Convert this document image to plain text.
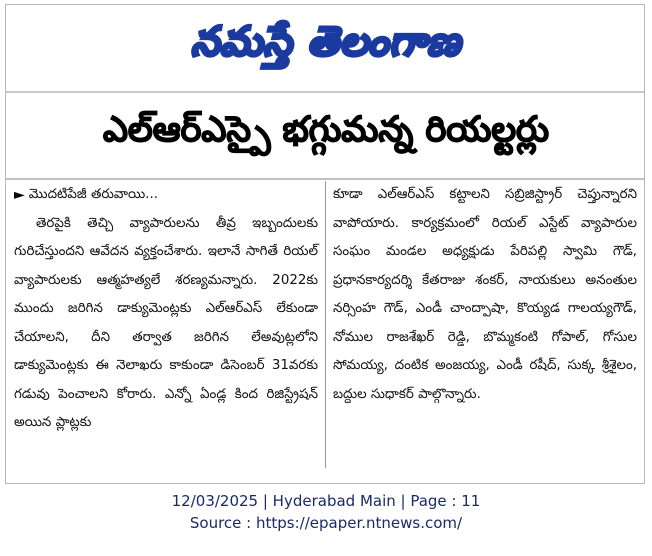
నమస్తే తెలంగాణ
ఎల్ఆర్ఎస్పై భగ్గుమన్న రియల్టర్లు
► మొదటిపేజీ తరువాయి...

తెరపైకి తెచ్చి వ్యాపారులను తీవ్ర ఇబ్బందులకు గురిచేస్తుందని ఆవేదన వ్యక్తంచేశారు. ఇలానే సాగితే రియల్ వ్యాపారులకు ఆత్మహత్యలే శరణ్యమన్నారు. 2022కు ముందు జరిగిన డాక్యుమెంట్లకు ఎల్ఆర్ఎస్ లేకుండా చేయాలని, దీని తర్వాత జరిగిన లేఅవుట్లలోని డాక్యుమెంట్లకు ఈ నెలాఖరు కాకుండా డిసెంబర్ 31వరకు గడువు పెంచాలని కోరారు. ఎన్నో ఏండ్ల కింద రిజిస్ట్రేషన్ అయిన ప్లాట్లకు

కూడా ఎల్ఆర్ఎస్ కట్టాలని సబ్రిజిస్ట్రార్ చెప్తున్నారని వాపోయారు. కార్యక్రమంలో రియల్ ఎస్టేట్ వ్యాపారుల సంఘం మండల అధ్యక్షుడు పేరిపల్లి స్వామి గౌడ్, ప్రధానకార్యదర్శి కేతరాజు శంకర్, నాయకులు అనంతుల నర్సింహ గౌడ్, ఎండీ చాంద్పాషా, కొయ్యడ గాలయ్యగౌడ్, నోముల రాజశేఖర్ రెడ్డి, బొమ్మకంటి గోపాల్, గోసుల సోమయ్య, దంటిక అంజయ్య, ఎండీ రషీద్, సుక్క శ్రీశైలం, బద్దుల సుధాకర్ పాల్గొన్నారు.

12/03/2025 | Hyderabad Main | Page : 11
Source : https://epaper.ntnews.com/
